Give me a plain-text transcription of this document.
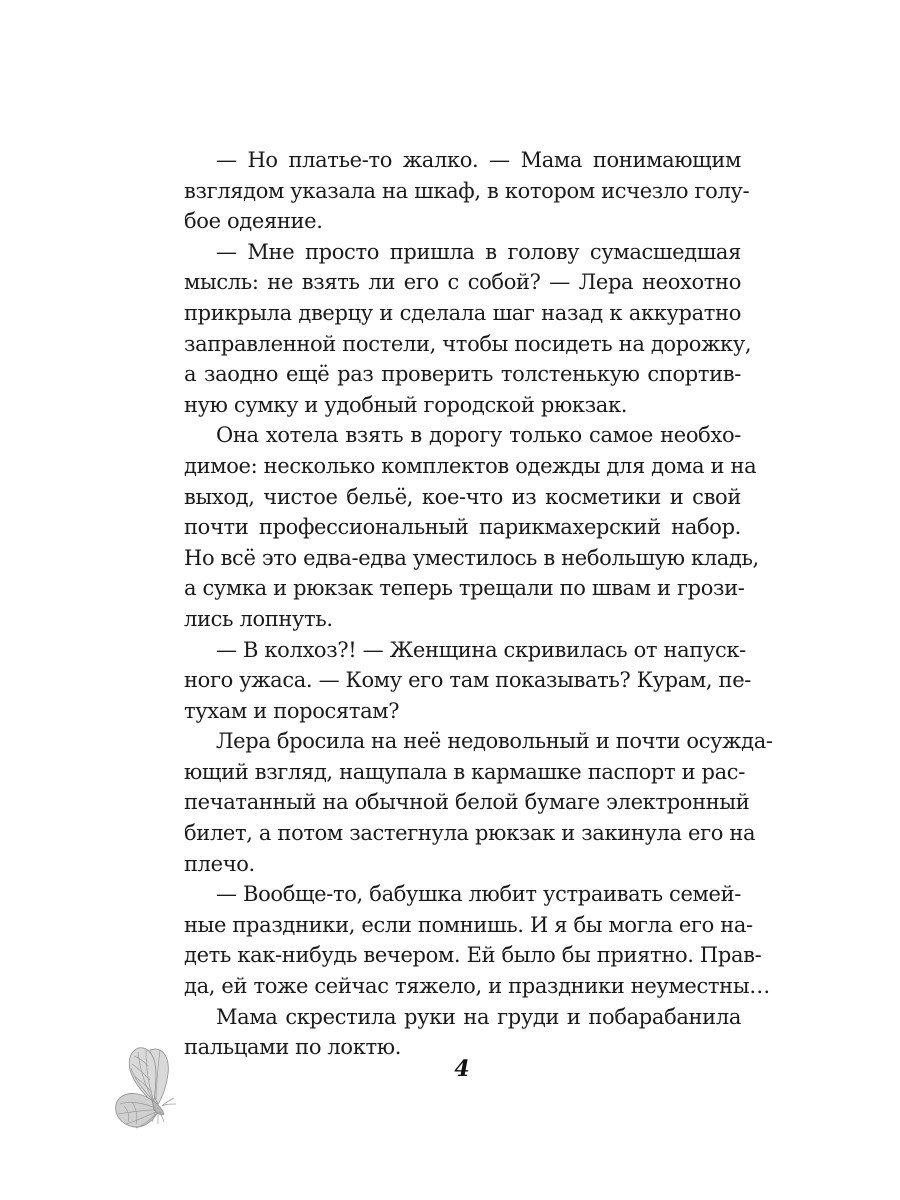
— Но платье-то жалко. — Мама понимающим
взглядом указала на шкаф, в котором исчезло голу-
бое одеяние.
— Мне просто пришла в голову сумасшедшая
мысль: не взять ли его с собой? — Лера неохотно
прикрыла дверцу и сделала шаг назад к аккуратно
заправленной постели, чтобы посидеть на дорожку,
а заодно ещё раз проверить толстенькую спортив-
ную сумку и удобный городской рюкзак.
Она хотела взять в дорогу только самое необхо-
димое: несколько комплектов одежды для дома и на
выход, чистое бельё, кое-что из косметики и свой
почти профессиональный парикмахерский набор.
Но всё это едва-едва уместилось в небольшую кладь,
а сумка и рюкзак теперь трещали по швам и грози-
лись лопнуть.
— В колхоз?! — Женщина скривилась от напуск-
ного ужаса. — Кому его там показывать? Курам, пе-
тухам и поросятам?
Лера бросила на неё недовольный и почти осужда-
ющий взгляд, нащупала в кармашке паспорт и рас-
печатанный на обычной белой бумаге электронный
билет, а потом застегнула рюкзак и закинула его на
плечо.
— Вообще-то, бабушка любит устраивать семей-
ные праздники, если помнишь. И я бы могла его на-
деть как-нибудь вечером. Ей было бы приятно. Прав-
да, ей тоже сейчас тяжело, и праздники неуместны…
Мама скрестила руки на груди и побарабанила
пальцами по локтю.
4
